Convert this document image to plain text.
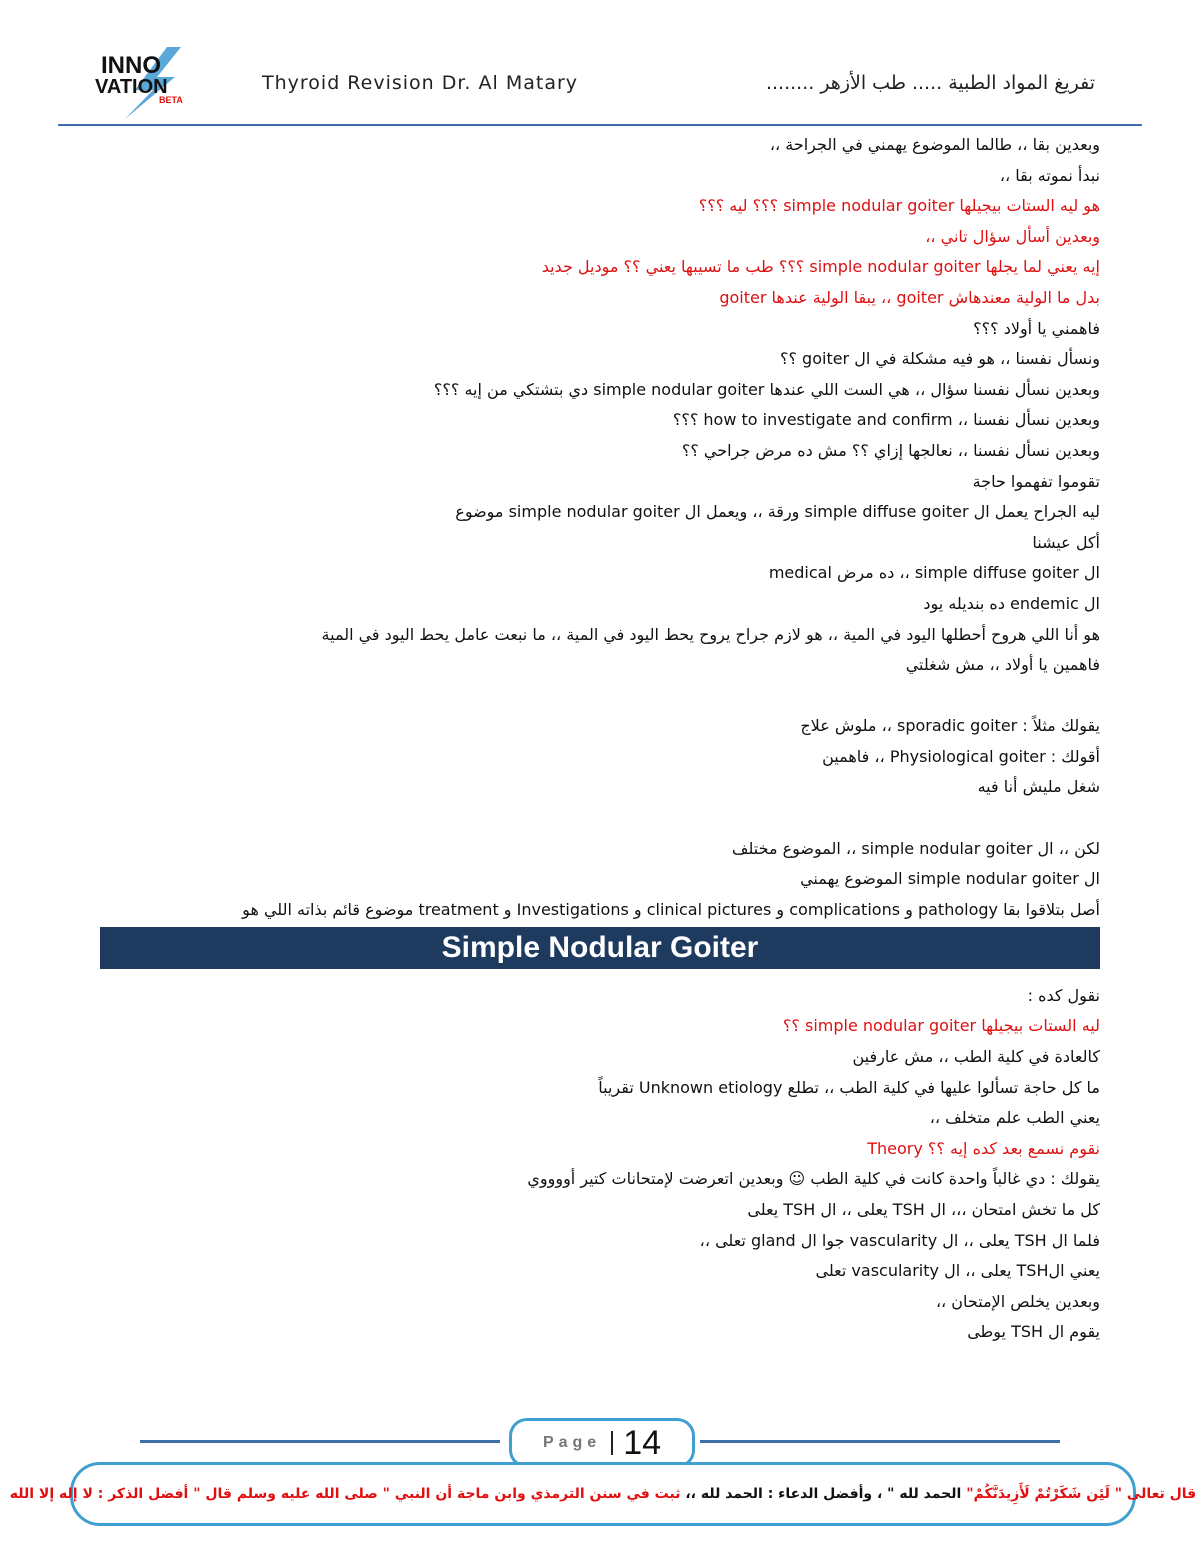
INNO
VATION
BETA
Thyroid Revision Dr. Al Matary	تفريغ المواد الطبية ..... طب الأزهر ........
وبعدين بقا ،، طالما الموضوع يهمني في الجراحة ،،
نبدأ نموته بقا ،،
هو ليه الستات بيجيلها simple nodular goiter ؟؟؟ ليه ؟؟؟
وبعدين أسأل سؤال تاني ،،
إيه يعني لما يجلها simple nodular goiter ؟؟؟ طب ما تسيبها يعني ؟؟ موديل جديد
بدل ما الولية معندهاش goiter ،، يبقا الولية عندها goiter
فاهمني يا أولاد ؟؟؟
ونسأل نفسنا ،، هو فيه مشكلة في ال goiter ؟؟
وبعدين نسأل نفسنا سؤال ،، هي الست اللي عندها simple nodular goiter دي بتشتكي من إيه ؟؟؟
وبعدين نسأل نفسنا ،، how to investigate and confirm ؟؟؟
وبعدين نسأل نفسنا ،، نعالجها إزاي ؟؟ مش ده مرض جراحي ؟؟
تقوموا تفهموا حاجة
ليه الجراح يعمل ال simple diffuse goiter ورقة ،، ويعمل ال simple nodular goiter موضوع
أكل عيشنا
ال simple diffuse goiter ،، ده مرض medical
ال endemic ده بنديله يود
هو أنا اللي هروح أحطلها اليود في المية ،، هو لازم جراح يروح يحط اليود في المية ،، ما نبعت عامل يحط اليود في المية
فاهمين يا أولاد ،، مش شغلتي
يقولك مثلاً : sporadic goiter ،، ملوش علاج
أقولك : Physiological goiter ،، فاهمين
شغل مليش أنا فيه
لكن ،، ال simple nodular goiter ،، الموضوع مختلف
ال simple nodular goiter الموضوع يهمني
أصل بتلاقوا بقا pathology و complications و clinical pictures و Investigations و treatment موضوع قائم بذاته اللي هو
Simple Nodular Goiter
نقول كده :
ليه الستات بيجيلها simple nodular goiter ؟؟
كالعادة في كلية الطب ،، مش عارفين
ما كل حاجة تسألوا عليها في كلية الطب ،، تطلع Unknown etiology تقريباً
يعني الطب علم متخلف ،،
نقوم نسمع بعد كده إيه ؟؟ Theory
يقولك : دي غالباً واحدة كانت في كلية الطب ☺ وبعدين اتعرضت لإمتحانات كتير أووووي
كل ما تخش امتحان ،،، ال TSH يعلى ،، ال TSH يعلى
فلما ال TSH يعلى ،، ال vascularity جوا ال gland تعلى ،،
يعني الTSH يعلى ،، ال vascularity تعلى
وبعدين يخلص الإمتحان ،،
يقوم ال TSH يوطى
Page 14
قال تعالى " لَئِن شَكَرْتُمْ لَأَزِيدَنَّكُمْ"

الحمد لله " ، وأفضل الدعاء : الحمد لله
،،
ثبت في سنن الترمذي وابن ماجة أن النبي " صلى الله عليه وسلم قال " أفضل الذكر : لا إله إلا الله
